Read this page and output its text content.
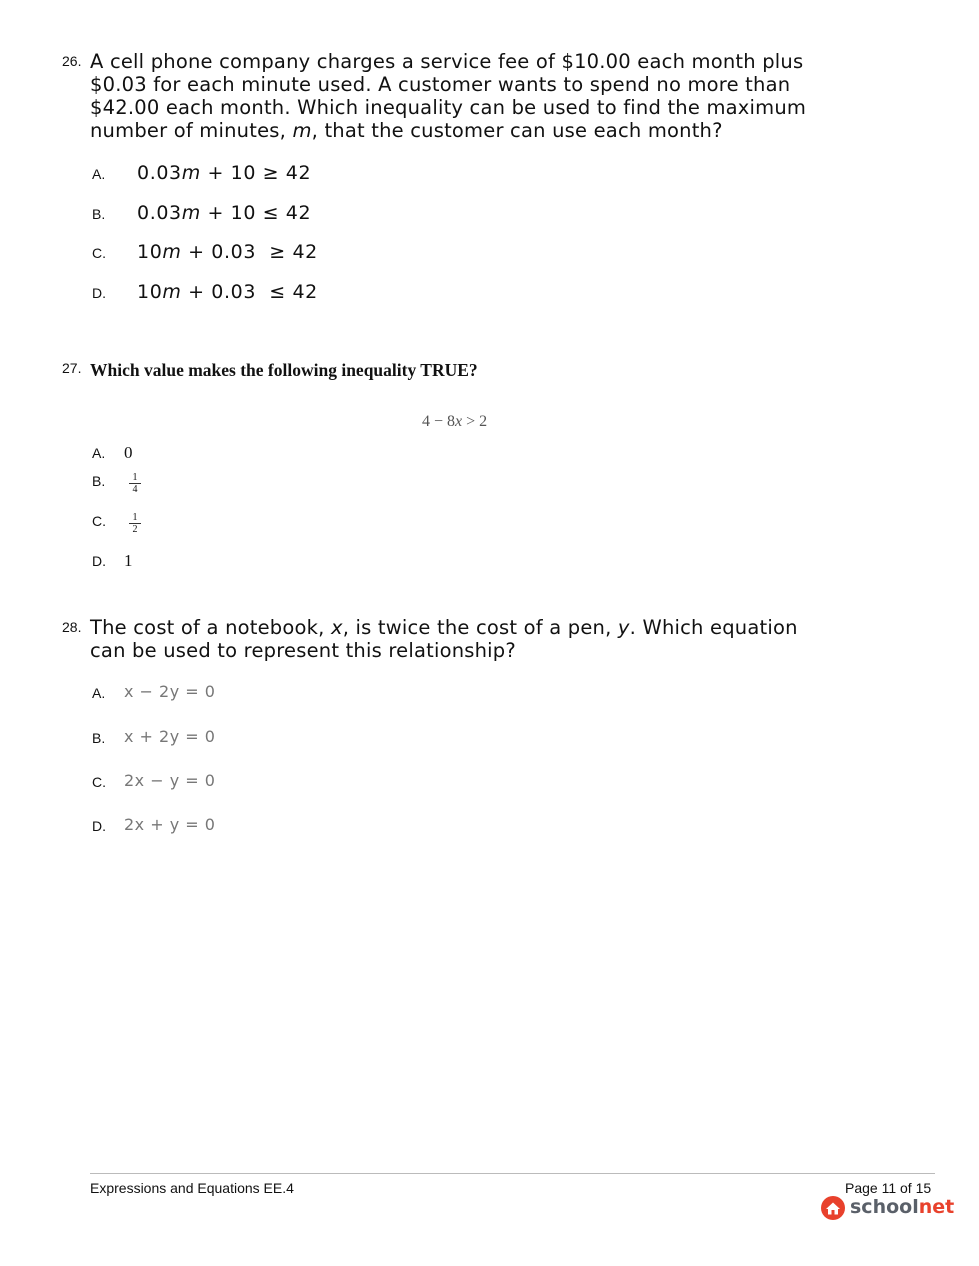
26. A cell phone company charges a service fee of $10.00 each month plus
$0.03 for each minute used. A customer wants to spend no more than
$42.00 each month. Which inequality can be used to find the maximum
number of minutes, m, that the customer can use each month?
A. 0.03m + 10 ≥ 42
B. 0.03m + 10 ≤ 42
C. 10m + 0.03  ≥ 42
D. 10m + 0.03  ≤ 42
27. Which value makes the following inequality TRUE?
4 − 8x > 2
A. 0
B. $\frac{1}{4}$
C. $\frac{1}{2}$
D. 1
28. The cost of a notebook, x, is twice the cost of a pen, y. Which equation
can be used to represent this relationship?
A. x − 2y = 0
B. x + 2y = 0
C. 2x − y = 0
D. 2x + y = 0
Expressions and Equations EE.4	Page 11 of 15
schoolnet
